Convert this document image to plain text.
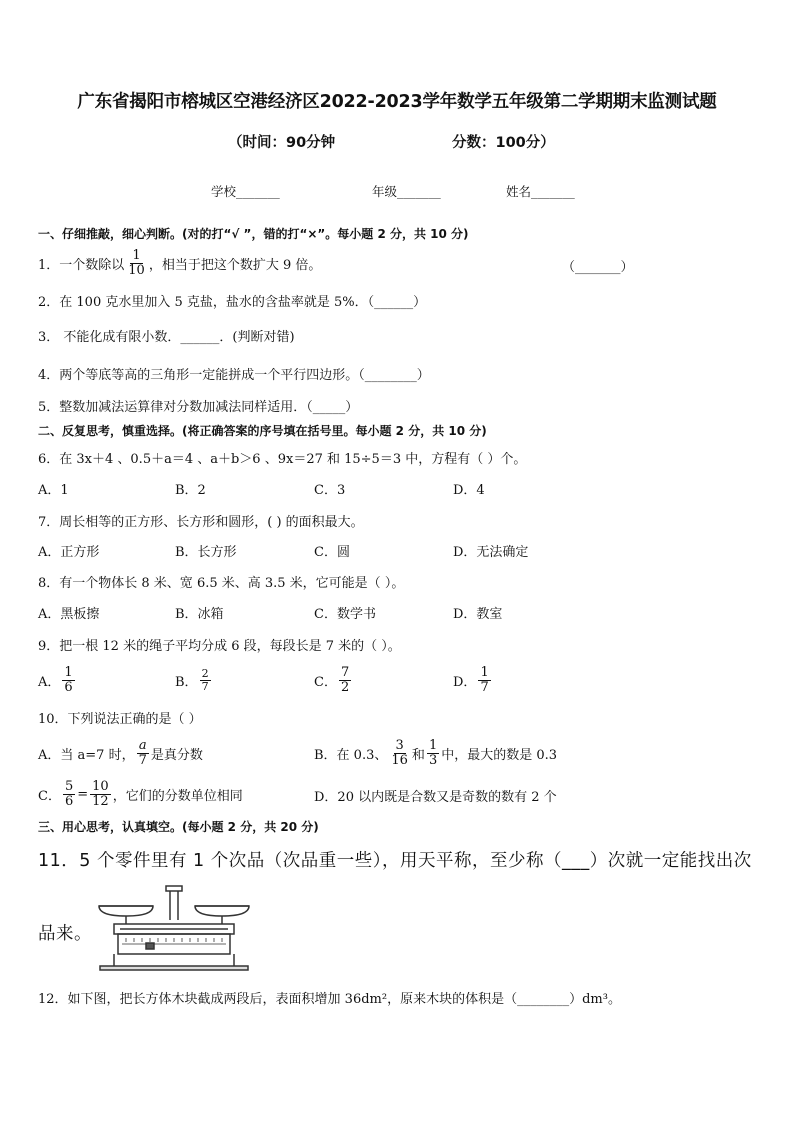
广东省揭阳市榕城区空港经济区2022-2023学年数学五年级第二学期期末监测试题
（时间：90分钟	分数：100分）
学校_______	年级_______	姓名_______
一、仔细推敲，细心判断。(对的打“√ ”，错的打“×”。每小题 2 分，共 10 分)
1．一个数除以 $\frac{1}{10}$ ，相当于把这个数扩大 9 倍。	（_______）
2．在 100 克水里加入 5 克盐，盐水的含盐率就是 5%．（______）
3． 不能化成有限小数．______．(判断对错)
4．两个等底等高的三角形一定能拼成一个平行四边形。（________）
5．整数加减法运算律对分数加减法同样适用．（_____）
二、反复思考，慎重选择。(将正确答案的序号填在括号里。每小题 2 分，共 10 分)
6．在 3x＋4 、0.5＋a＝4 、a＋b＞6 、9x＝27 和 15÷5＝3 中，方程有（ ）个。
A．1	B．2	C．3	D．4
7．周长相等的正方形、长方形和圆形，( ) 的面积最大。
A．正方形	B．长方形	C．圆	D．无法确定
8．有一个物体长 8 米、宽 6.5 米、高 3.5 米，它可能是（ ）。
A．黑板擦	B．冰箱	C．数学书	D．教室
9．把一根 12 米的绳子平均分成 6 段，每段长是 7 米的（ ）。
A． $\frac{1}{6}$	B． $\frac{2}{7}$	C． $\frac{7}{2}$	D． $\frac{1}{7}$
10．下列说法正确的是（ ）
A．当 a=7 时， $\frac{a}{7}$ 是真分数	B．在 0.3、 $\frac{3}{16}$ 和 $\frac{1}{3}$ 中，最大的数是 0.3
C． $\frac{5}{6} = \frac{10}{12}$ ，它们的分数单位相同	D．20 以内既是合数又是奇数的数有 2 个
三、用心思考，认真填空。(每小题 2 分，共 20 分)
11．5 个零件里有 1 个次品（次品重一些），用天平称，至少称（___）次就一定能找出次
品来。
12．如下图，把长方体木块截成两段后，表面积增加 36dm²，原来木块的体积是（________）dm³。
